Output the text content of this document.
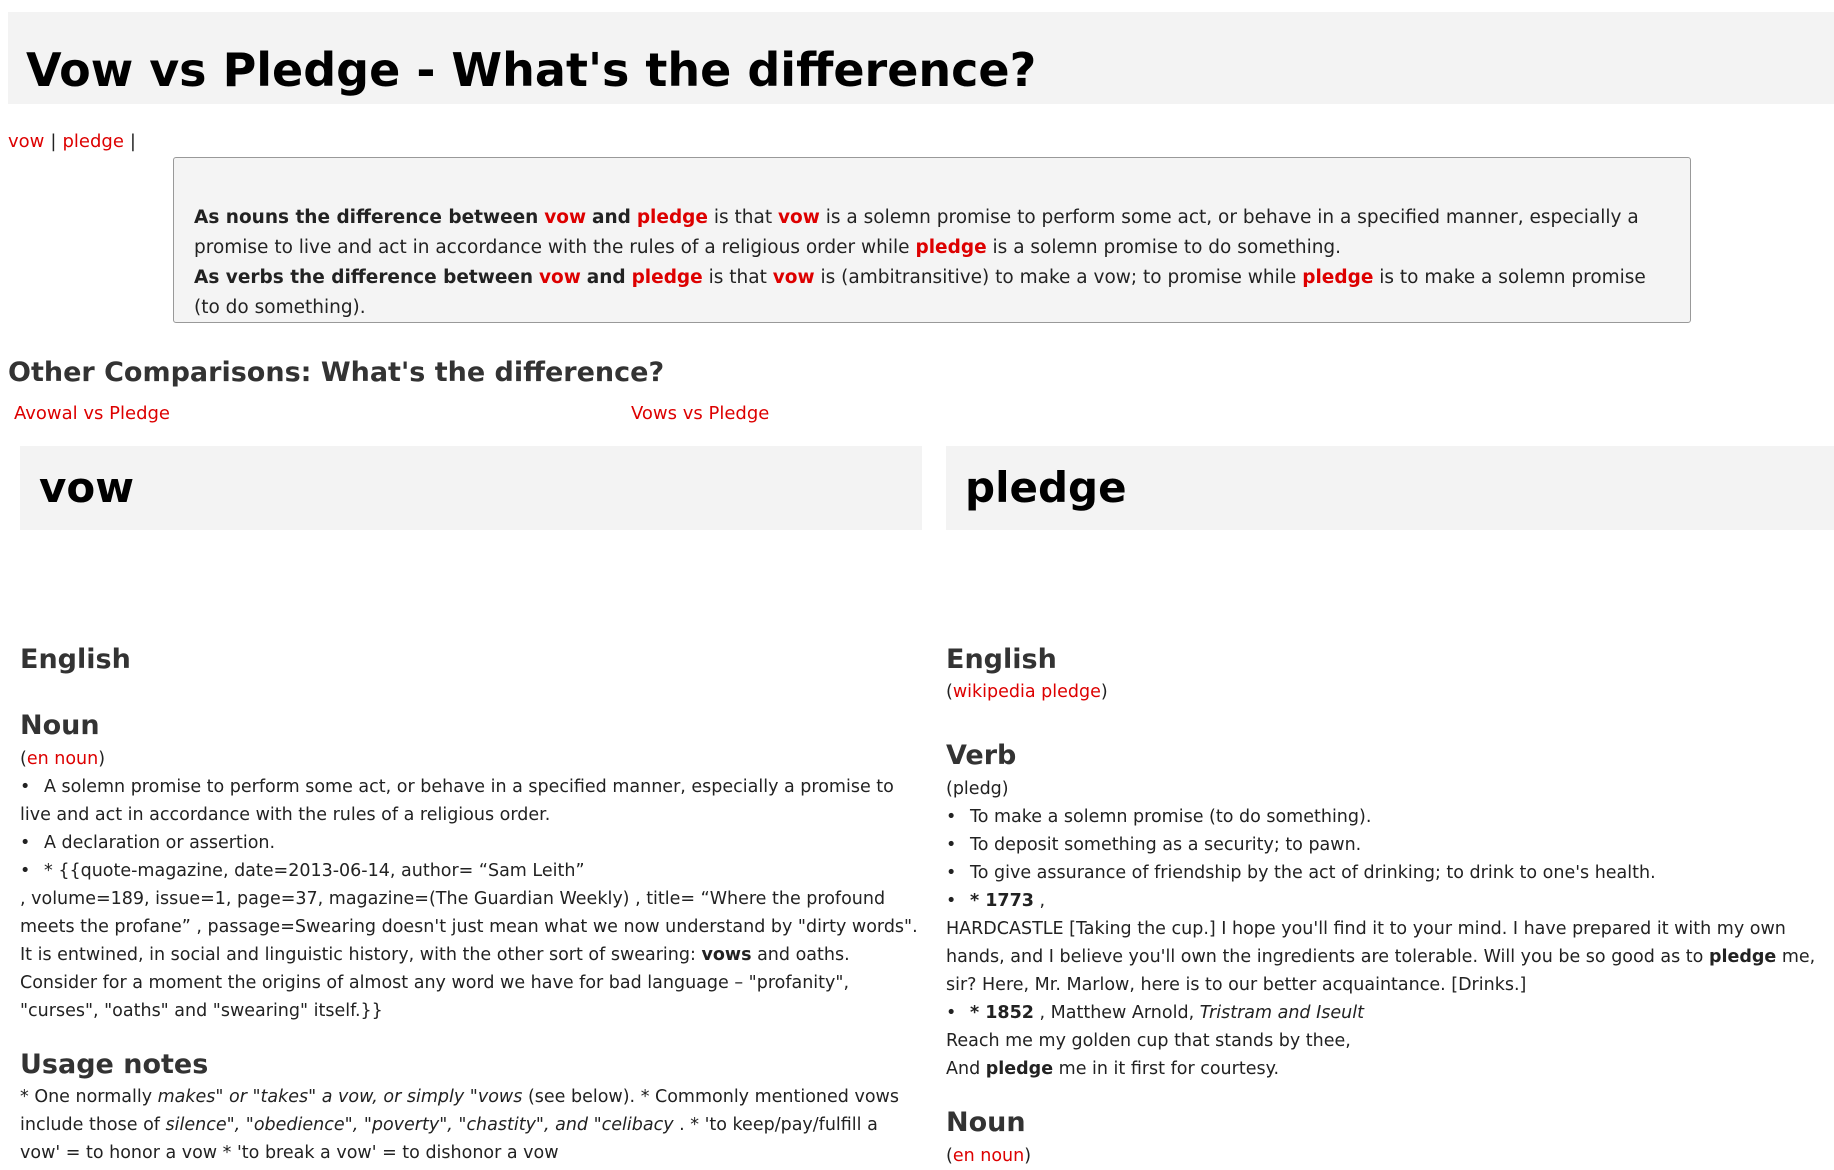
Vow vs Pledge - What's the difference?
vow | pledge |

As nouns the difference between vow and pledge is that vow is a solemn promise to perform some act, or behave in a specified manner, especially a promise to live and act in accordance with the rules of a religious order while pledge is a solemn promise to do something.

As verbs the difference between vow and pledge is that vow is (ambitransitive) to make a vow; to promise while pledge is to make a solemn promise (to do something).

Other Comparisons: What's the difference?
Avowal vs Pledge	Vows vs Pledge
vow
English
Noun
(en noun)
• A solemn promise to perform some act, or behave in a specified manner, especially a promise to live and act in accordance with the rules of a religious order.
• A declaration or assertion.
• * {{quote-magazine, date=2013-06-14, author= “Sam Leith”
, volume=189, issue=1, page=37, magazine=(The Guardian Weekly) , title= “Where the profound meets the profane” , passage=Swearing doesn't just mean what we now understand by "dirty words". It is entwined, in social and linguistic history, with the other sort of swearing: vows and oaths. Consider for a moment the origins of almost any word we have for bad language – "profanity", "curses", "oaths" and "swearing" itself.}}
Usage notes
* One normally makes" or "takes" a vow, or simply "vows (see below). * Commonly mentioned vows include those of silence", "obedience", "poverty", "chastity", and "celibacy . * 'to keep/pay/fulfill a vow' = to honor a vow * 'to break a vow' = to dishonor a vow
pledge
English
(wikipedia pledge)
Verb
(pledg)
• To make a solemn promise (to do something).
• To deposit something as a security; to pawn.
• To give assurance of friendship by the act of drinking; to drink to one's health.
• * 1773 ,
HARDCASTLE [Taking the cup.] I hope you'll find it to your mind. I have prepared it with my own hands, and I believe you'll own the ingredients are tolerable. Will you be so good as to pledge me, sir? Here, Mr. Marlow, here is to our better acquaintance. [Drinks.]
• * 1852 , Matthew Arnold, Tristram and Iseult
Reach me my golden cup that stands by thee,
And pledge me in it first for courtesy.
Noun
(en noun)
